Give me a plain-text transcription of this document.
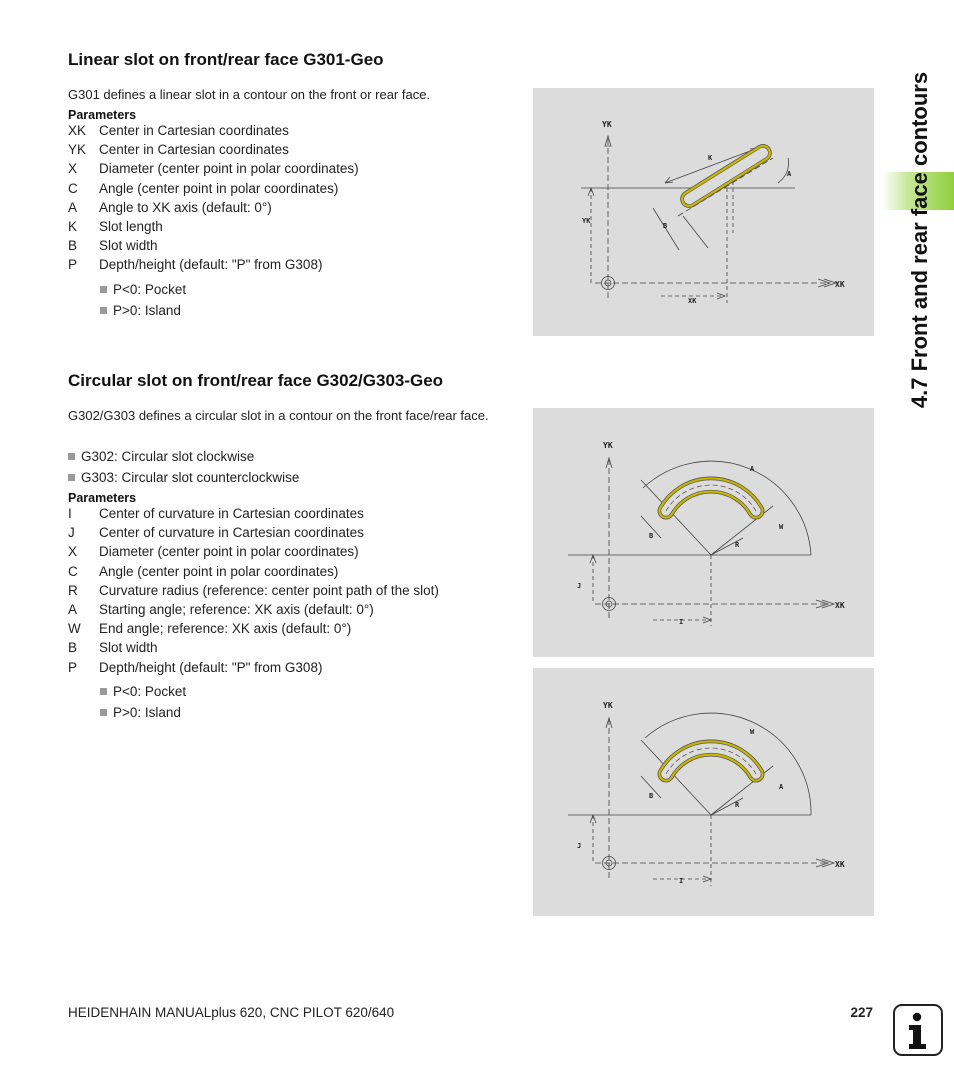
4.7 Front and rear face contours
Linear slot on front/rear face G301-Geo

G301 defines a linear slot in a contour on the front or rear face.

Parameters
XK Center in Cartesian coordinates
YK Center in Cartesian coordinates
X Diameter (center point in polar coordinates)
C Angle (center point in polar coordinates)
A Angle to XK axis (default: 0°)
K Slot length
B Slot width
P Depth/height (default: "P" from G308)
P<0: Pocket
P>0: Island
YK
XK
YK
XK
K
A
B
Circular slot on front/rear face G302/G303-Geo

G302/G303 defines a circular slot in a contour on the front face/rear face.

G302: Circular slot clockwise
G303: Circular slot counterclockwise
Parameters
I Center of curvature in Cartesian coordinates
J Center of curvature in Cartesian coordinates
X Diameter (center point in polar coordinates)
C Angle (center point in polar coordinates)
R Curvature radius (reference: center point path of the slot)
A Starting angle; reference: XK axis (default: 0°)
W End angle; reference: XK axis (default: 0°)
B Slot width
P Depth/height (default: "P" from G308)
P<0: Pocket
P>0: Island
YK
XK
A
W
B
R
J
I
YK
XK
W
A
B
R
J
I
HEIDENHAIN MANUALplus 620, CNC PILOT 620/640	227
